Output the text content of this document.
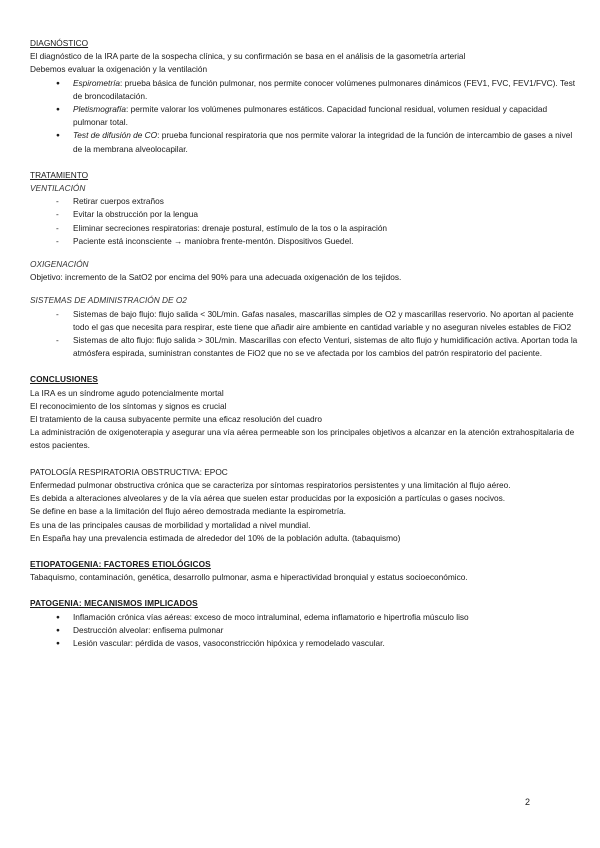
DIAGNÓSTICO

El diagnóstico de la IRA parte de la sospecha clínica, y su confirmación se basa en el análisis de la gasometría arterial

Debemos evaluar la oxigenación y la ventilación

● Espirometría: prueba básica de función pulmonar, nos permite conocer volúmenes pulmonares dinámicos (FEV1, FVC, FEV1/FVC). Test de broncodilatación.
● Pletismografía: permite valorar los volúmenes pulmonares estáticos. Capacidad funcional residual, volumen residual y capacidad pulmonar total.
● Test de difusión de CO: prueba funcional respiratoria que nos permite valorar la integridad de la función de intercambio de gases a nivel de la membrana alveolocapilar.

TRATAMIENTO

VENTILACIÓN

- Retirar cuerpos extraños
- Evitar la obstrucción por la lengua
- Eliminar secreciones respiratorias: drenaje postural, estímulo de la tos o la aspiración
- Paciente está inconsciente → maniobra frente-mentón. Dispositivos Guedel.

OXIGENACIÓN

Objetivo: incremento de la SatO2 por encima del 90% para una adecuada oxigenación de los tejidos.

SISTEMAS DE ADMINISTRACIÓN DE O2

- Sistemas de bajo flujo: flujo salida < 30L/min. Gafas nasales, mascarillas simples de O2 y mascarillas reservorio. No aportan al paciente todo el gas que necesita para respirar, este tiene que añadir aire ambiente en cantidad variable y no aseguran niveles estables de FiO2
- Sistemas de alto flujo: flujo salida > 30L/min. Mascarillas con efecto Venturi, sistemas de alto flujo y humidificación activa. Aportan toda la atmósfera espirada, suministran constantes de FiO2 que no se ve afectada por los cambios del patrón respiratorio del paciente.

CONCLUSIONES

La IRA es un síndrome agudo potencialmente mortal

El reconocimiento de los síntomas y signos es crucial

El tratamiento de la causa subyacente permite una eficaz resolución del cuadro

La administración de oxigenoterapia y asegurar una vía aérea permeable son los principales objetivos a alcanzar en la atención extrahospitalaria de estos pacientes.

PATOLOGÍA RESPIRATORIA OBSTRUCTIVA: EPOC

Enfermedad pulmonar obstructiva crónica que se caracteriza por síntomas respiratorios persistentes y una limitación al flujo aéreo.

Es debida a alteraciones alveolares y de la vía aérea que suelen estar producidas por la exposición a partículas o gases nocivos.

Se define en base a la limitación del flujo aéreo demostrada mediante la espirometría.

Es una de las principales causas de morbilidad y mortalidad a nivel mundial.

En España hay una prevalencia estimada de alrededor del 10% de la población adulta. (tabaquismo)

ETIOPATOGENIA: FACTORES ETIOLÓGICOS

Tabaquismo, contaminación, genética, desarrollo pulmonar, asma e hiperactividad bronquial y estatus socioeconómico.

PATOGENIA: MECANISMOS IMPLICADOS

● Inflamación crónica vías aéreas: exceso de moco intraluminal, edema inflamatorio e hipertrofia músculo liso
● Destrucción alveolar: enfisema pulmonar
● Lesión vascular: pérdida de vasos, vasoconstricción hipóxica y remodelado vascular.
2
